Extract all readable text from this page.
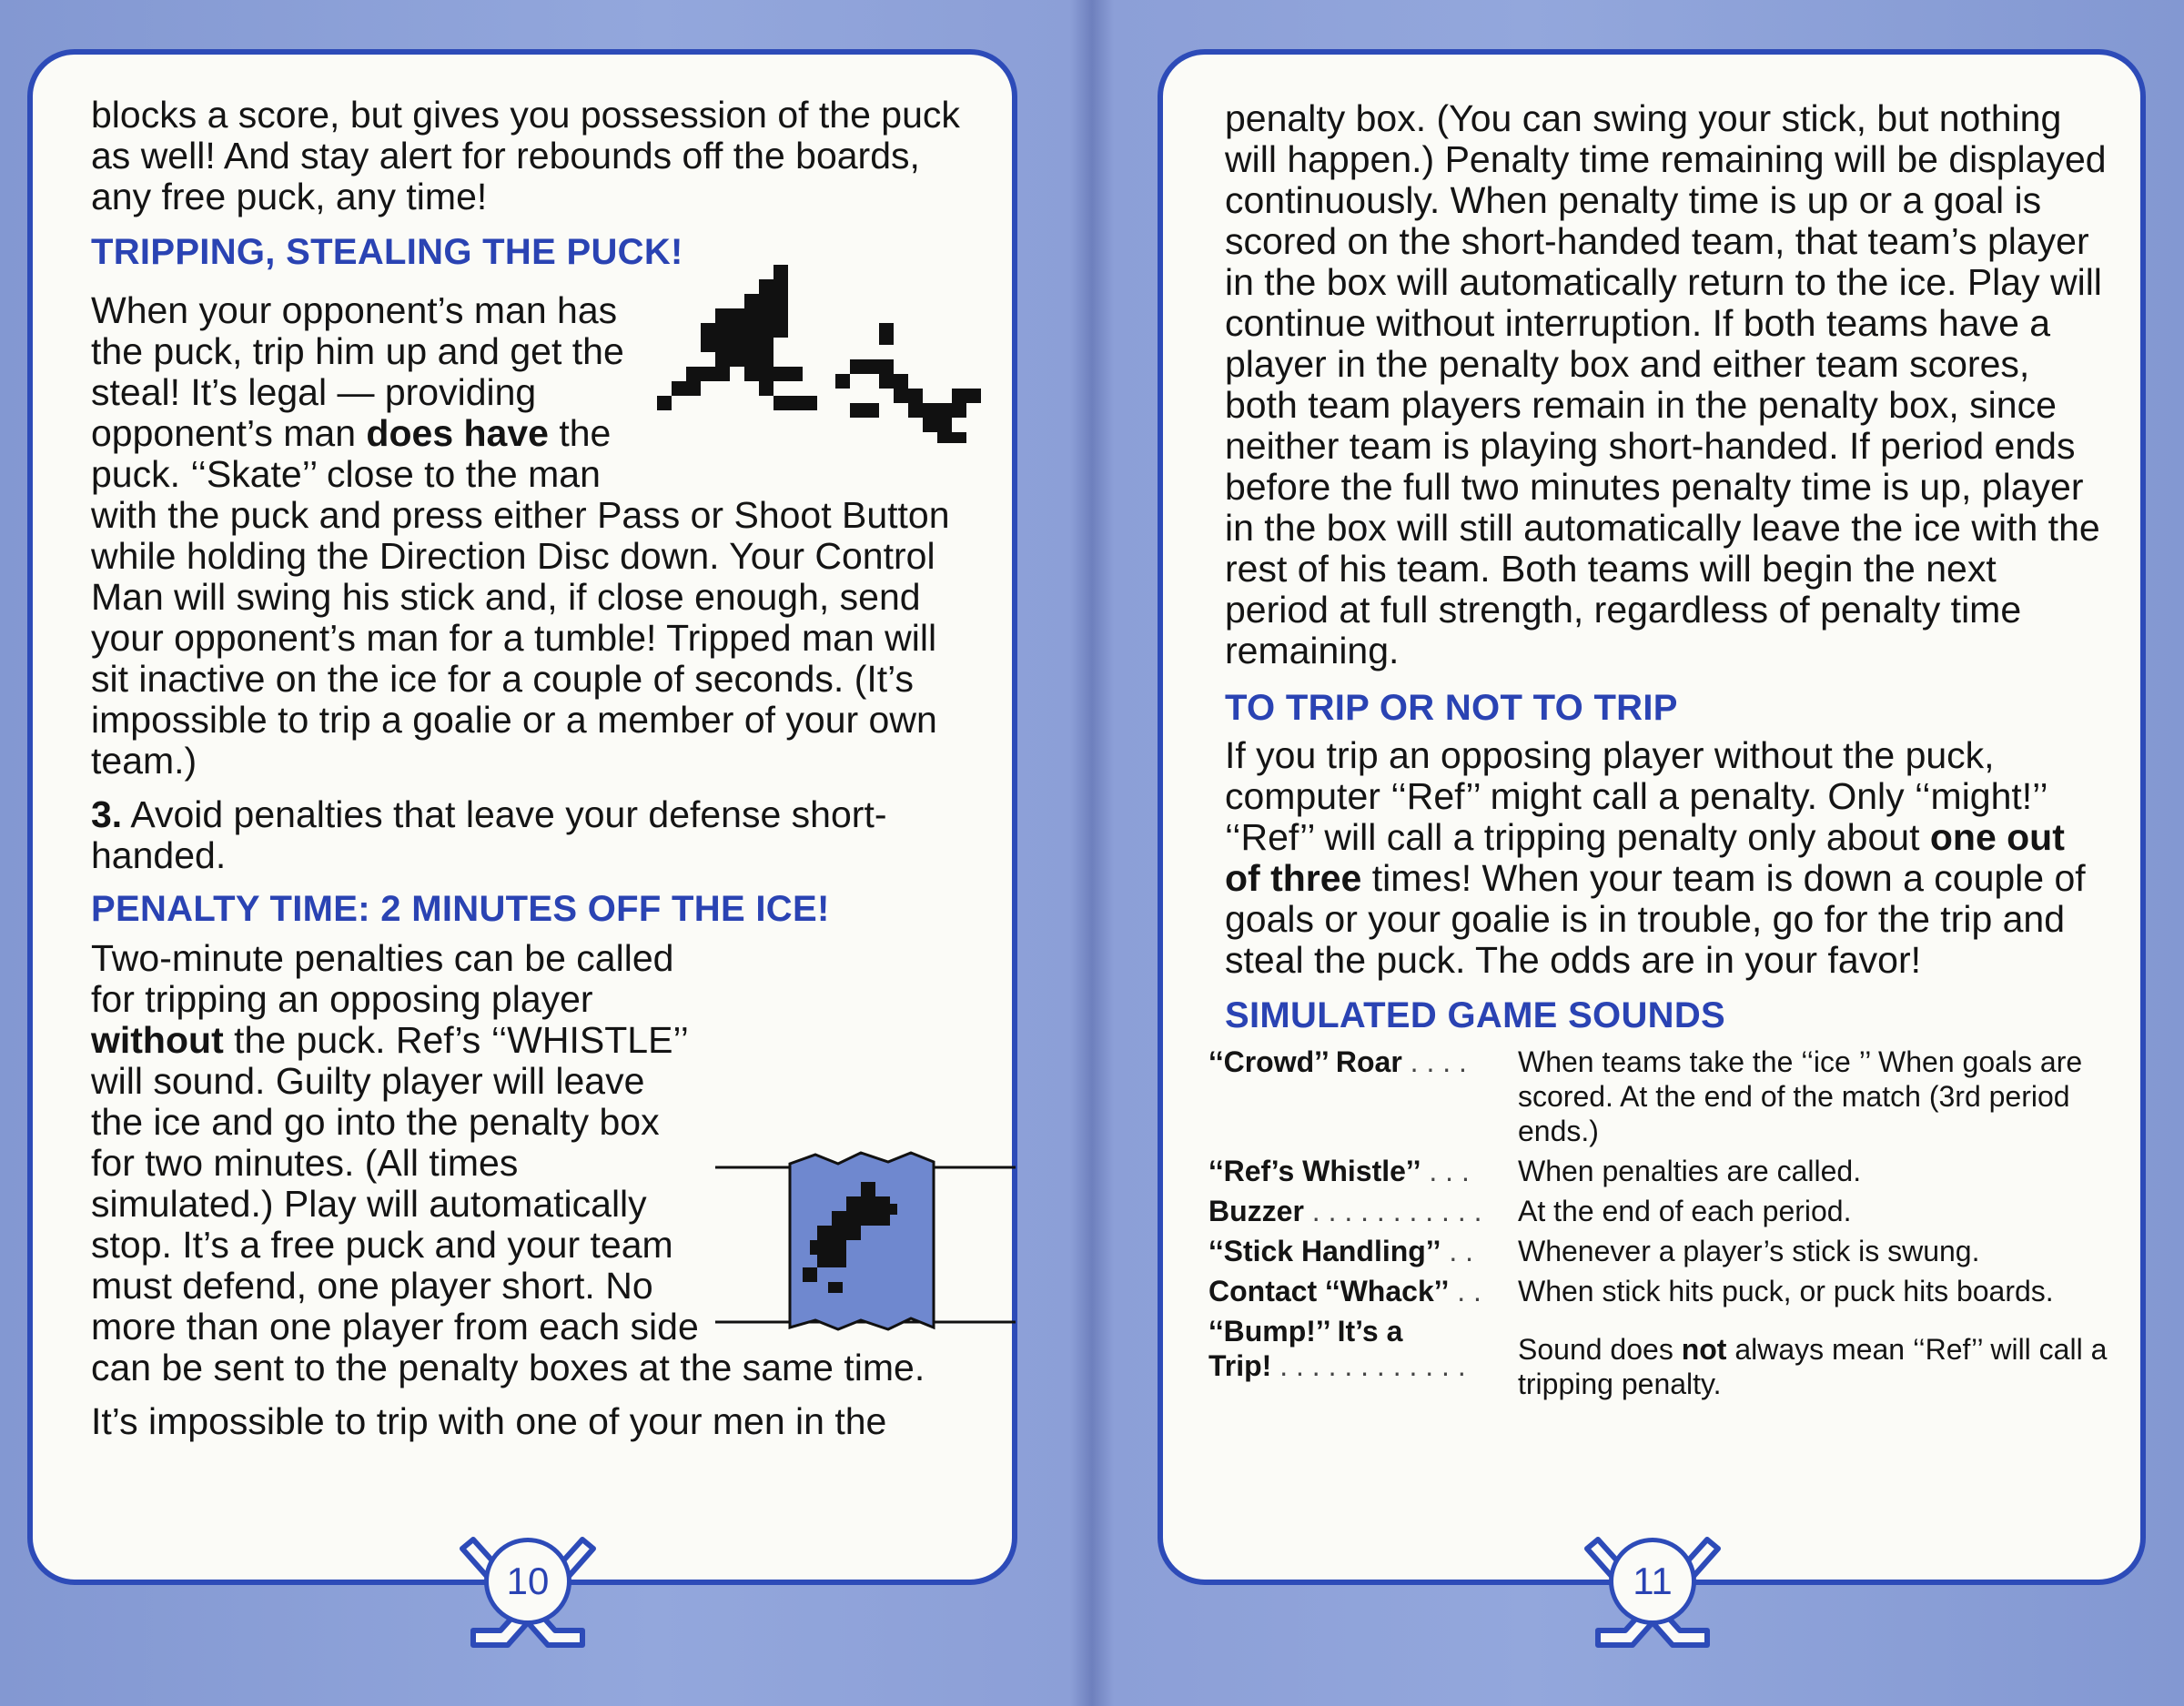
blocks a score, but gives you possession of the puck as well! And stay alert for rebounds off the boards, any free puck, any time!

TRIPPING, STEALING THE PUCK!

When your opponent’s man has the puck, trip him up and get the steal! It’s legal — providing opponent’s man does have the puck. ‘‘Skate’’ close to the man with the puck and press either Pass or Shoot Button while holding the Direction Disc down. Your Control Man will swing his stick and, if close enough, send your opponent’s man for a tumble! Tripped man will sit inactive on the ice for a couple of seconds. (It’s impossible to trip a goalie or a member of your own team.)

3. Avoid penalties that leave your defense short-handed.

PENALTY TIME: 2 MINUTES OFF THE ICE!

Two-minute penalties can be called for tripping an opposing player without the puck. Ref’s ‘‘WHISTLE’’ will sound. Guilty player will leave the ice and go into the penalty box for two minutes. (All times simulated.) Play will automatically stop. It’s a free puck and your team must defend, one player short. No more than one player from each side can be sent to the penalty boxes at the same time.

It’s impossible to trip with one of your men in the

10

penalty box. (You can swing your stick, but nothing will happen.) Penalty time remaining will be displayed continuously. When penalty time is up or a goal is scored on the short-handed team, that team’s player in the box will automatically return to the ice. Play will continue without interruption. If both teams have a player in the penalty box and either team scores, both team players remain in the penalty box, since neither team is playing short-handed. If period ends before the full two minutes penalty time is up, player in the box will still automatically leave the ice with the rest of his team. Both teams will begin the next period at full strength, regardless of penalty time remaining.

TO TRIP OR NOT TO TRIP

If you trip an opposing player without the puck, computer ‘‘Ref’’ might call a penalty. Only ‘‘might!’’ ‘‘Ref’’ will call a tripping penalty only about one out of three times! When your team is down a couple of goals or your goalie is in trouble, go for the trip and steal the puck. The odds are in your favor!

SIMULATED GAME SOUNDS
‘‘Crowd’’ Roar . . . .	When teams take the ‘‘ice ’’ When goals are scored. At the end of the match (3rd period ends.)
‘‘Ref’s Whistle’’ . . .	When penalties are called.
Buzzer . . . . . . . . . . .	At the end of each period.
‘‘Stick Handling’’ . .	Whenever a player’s stick is swung.
Contact ‘‘Whack’’ . .	When stick hits puck, or puck hits boards.
‘‘Bump!’’ It’s a
Trip! . . . . . . . . . . . .	Sound does not always mean ‘‘Ref’’ will call a tripping penalty.
11
